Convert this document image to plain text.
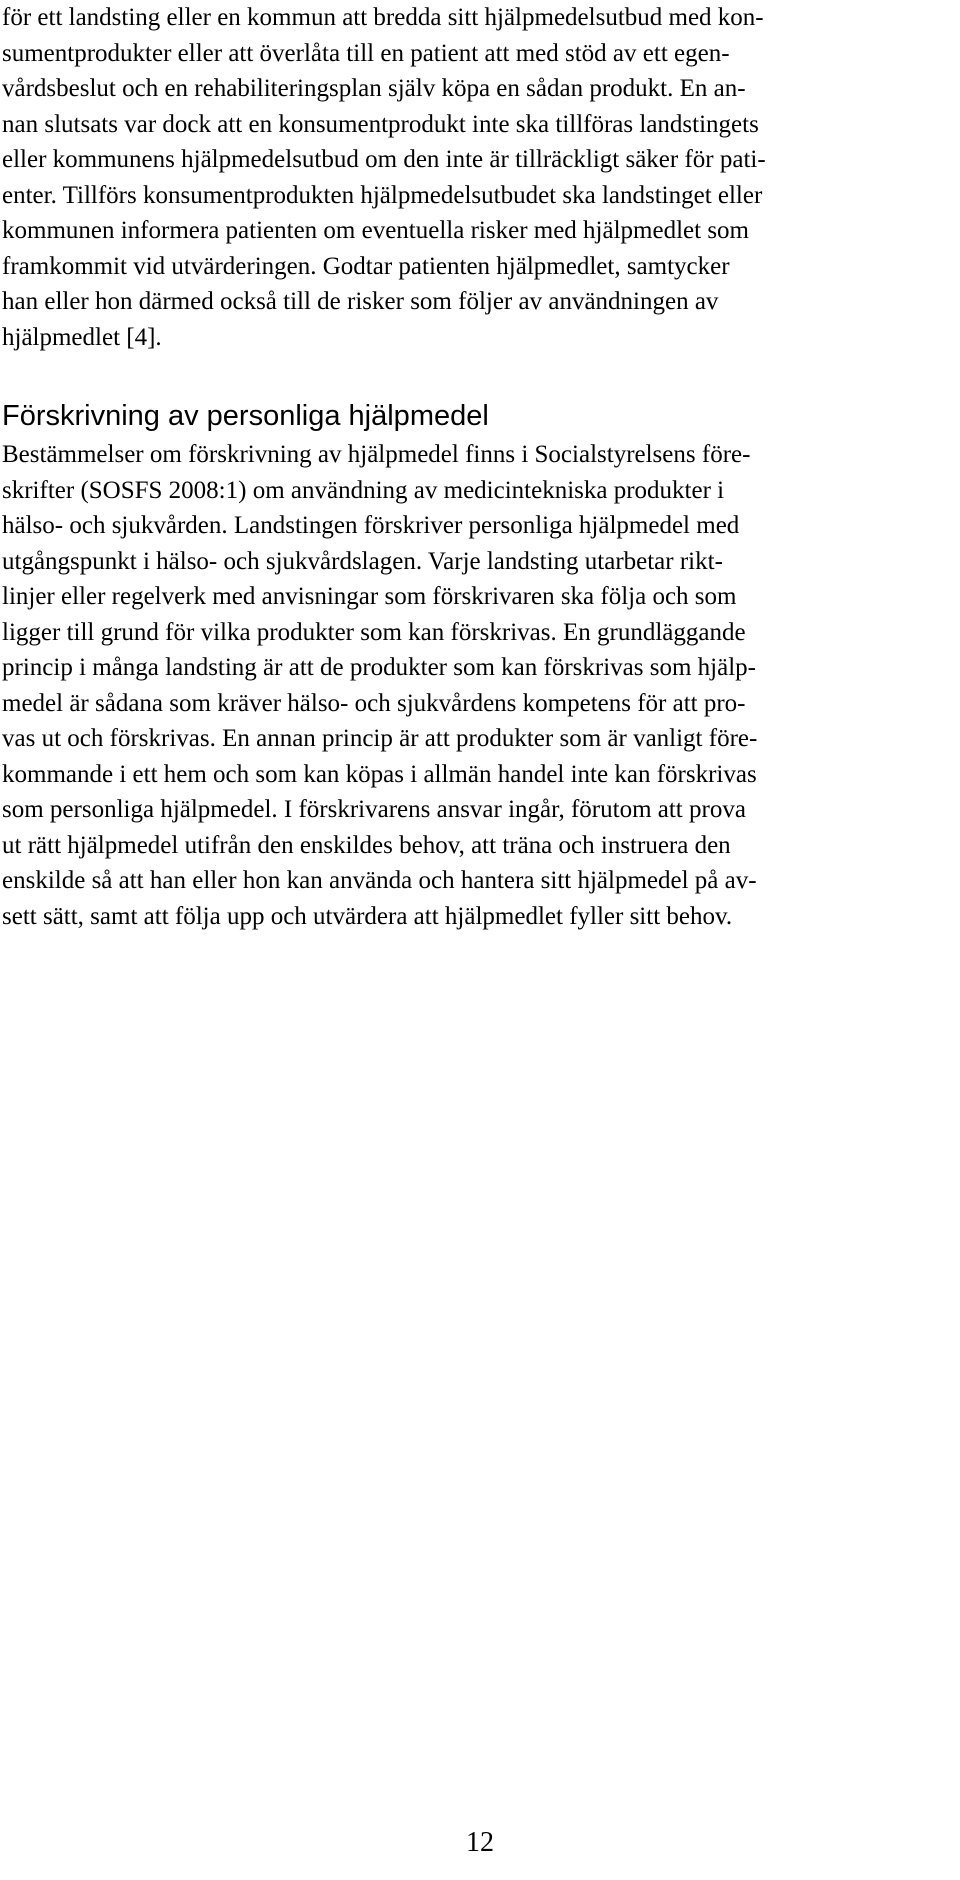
för ett landsting eller en kommun att bredda sitt hjälpmedelsutbud med kon-
sumentprodukter eller att överlåta till en patient att med stöd av ett egen-
vårdsbeslut och en rehabiliteringsplan själv köpa en sådan produkt. En an-
nan slutsats var dock att en konsumentprodukt inte ska tillföras landstingets
eller kommunens hjälpmedelsutbud om den inte är tillräckligt säker för pati-
enter. Tillförs konsumentprodukten hjälpmedelsutbudet ska landstinget eller
kommunen informera patienten om eventuella risker med hjälpmedlet som
framkommit vid utvärderingen. Godtar patienten hjälpmedlet, samtycker
han eller hon därmed också till de risker som följer av användningen av
hjälpmedlet [4].

Förskrivning av personliga hjälpmedel

Bestämmelser om förskrivning av hjälpmedel finns i Socialstyrelsens före-
skrifter (SOSFS 2008:1) om användning av medicintekniska produkter i
hälso- och sjukvården. Landstingen förskriver personliga hjälpmedel med
utgångspunkt i hälso- och sjukvårdslagen. Varje landsting utarbetar rikt-
linjer eller regelverk med anvisningar som förskrivaren ska följa och som
ligger till grund för vilka produkter som kan förskrivas. En grundläggande
princip i många landsting är att de produkter som kan förskrivas som hjälp-
medel är sådana som kräver hälso- och sjukvårdens kompetens för att pro-
vas ut och förskrivas. En annan princip är att produkter som är vanligt före-
kommande i ett hem och som kan köpas i allmän handel inte kan förskrivas
som personliga hjälpmedel. I förskrivarens ansvar ingår, förutom att prova
ut rätt hjälpmedel utifrån den enskildes behov, att träna och instruera den
enskilde så att han eller hon kan använda och hantera sitt hjälpmedel på av-
sett sätt, samt att följa upp och utvärdera att hjälpmedlet fyller sitt behov.

12
